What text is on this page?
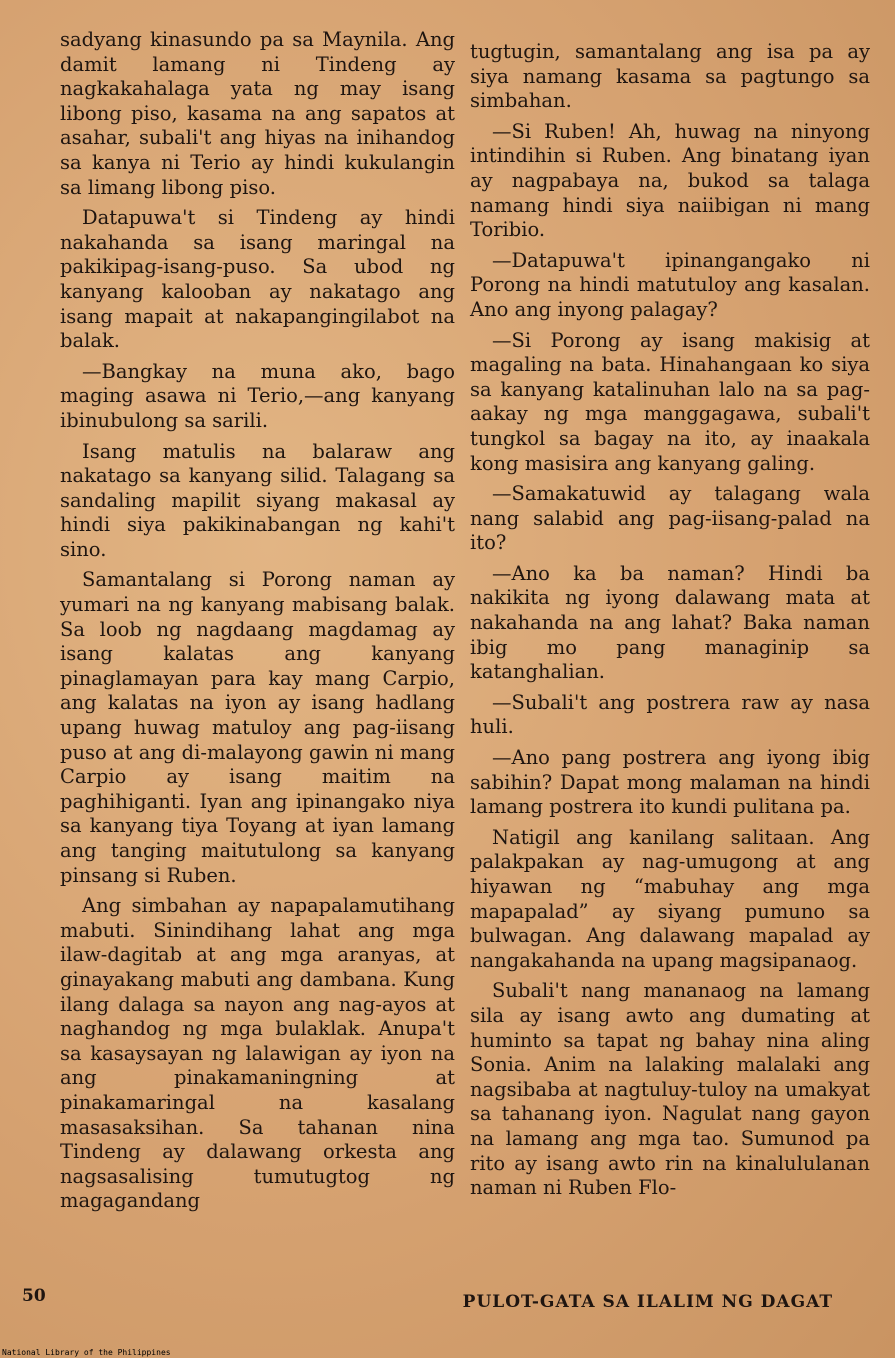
sadyang kinasundo pa sa Maynila. Ang damit lamang ni Tindeng ay nagkakahalaga yata ng may isang libong piso, kasama na ang sapatos at asahar, subali't ang hiyas na inihandog sa kanya ni Terio ay hindi kukulangin sa limang libong piso.

Datapuwa't si Tindeng ay hindi nakahanda sa isang maringal na pakikipag-isang-puso. Sa ubod ng kanyang kalooban ay nakatago ang isang mapait at nakapangingilabot na balak.

—Bangkay na muna ako, bago maging asawa ni Terio,—ang kanyang ibinubulong sa sarili.

Isang matulis na balaraw ang nakatago sa kanyang silid. Talagang sa sandaling mapilit siyang makasal ay hindi siya pakikinabangan ng kahi't sino.

Samantalang si Porong naman ay yumari na ng kanyang mabisang balak. Sa loob ng nagdaang magdamag ay isang kalatas ang kanyang pinaglamayan para kay mang Carpio, ang kalatas na iyon ay isang hadlang upang huwag matuloy ang pag-iisang puso at ang di-malayong gawin ni mang Carpio ay isang maitim na paghihiganti. Iyan ang ipinangako niya sa kanyang tiya Toyang at iyan lamang ang tanging maitutulong sa kanyang pinsang si Ruben.

Ang simbahan ay napapalamutihang mabuti. Sinindihang lahat ang mga ilaw-dagitab at ang mga aranyas, at ginayakang mabuti ang dambana. Kung ilang dalaga sa nayon ang nag-ayos at naghandog ng mga bulaklak. Anupa't sa kasaysayan ng lalawigan ay iyon na ang pinakamaningning at pinakamaringal na kasalang masasaksihan. Sa tahanan nina Tindeng ay dalawang orkesta ang nagsasalising tumutugtog ng magagandang

tugtugin, samantalang ang isa pa ay siya namang kasama sa pagtungo sa simbahan.

—Si Ruben! Ah, huwag na ninyong intindihin si Ruben. Ang binatang iyan ay nagpabaya na, bukod sa talaga namang hindi siya naiibigan ni mang Toribio.

—Datapuwa't ipinangangako ni Porong na hindi matutuloy ang kasalan. Ano ang inyong palagay?

—Si Porong ay isang makisig at magaling na bata. Hinahangaan ko siya sa kanyang katalinuhan lalo na sa pag-aakay ng mga manggagawa, subali't tungkol sa bagay na ito, ay inaakala kong masisira ang kanyang galing.

—Samakatuwid ay talagang wala nang salabid ang pag-iisang-palad na ito?

—Ano ka ba naman? Hindi ba nakikita ng iyong dalawang mata at nakahanda na ang lahat? Baka naman ibig mo pang managinip sa katanghalian.

—Subali't ang postrera raw ay nasa huli.

—Ano pang postrera ang iyong ibig sabihin? Dapat mong malaman na hindi lamang postrera ito kundi pulitana pa.

Natigil ang kanilang salitaan. Ang palakpakan ay nag-umugong at ang hiyawan ng “mabuhay ang mga mapapalad” ay siyang pumuno sa bulwagan. Ang dalawang mapalad ay nangakahanda na upang magsipanaog.

Subali't nang mananaog na lamang sila ay isang awto ang dumating at huminto sa tapat ng bahay nina aling Sonia. Anim na lalaking malalaki ang nagsibaba at nagtuluy-tuloy na umakyat sa tahanang iyon. Nagulat nang gayon na lamang ang mga tao. Sumunod pa rito ay isang awto rin na kinalululanan naman ni Ruben Flo-

50	PULOT-GATA SA ILALIM NG DAGAT
National Library of the Philippines
